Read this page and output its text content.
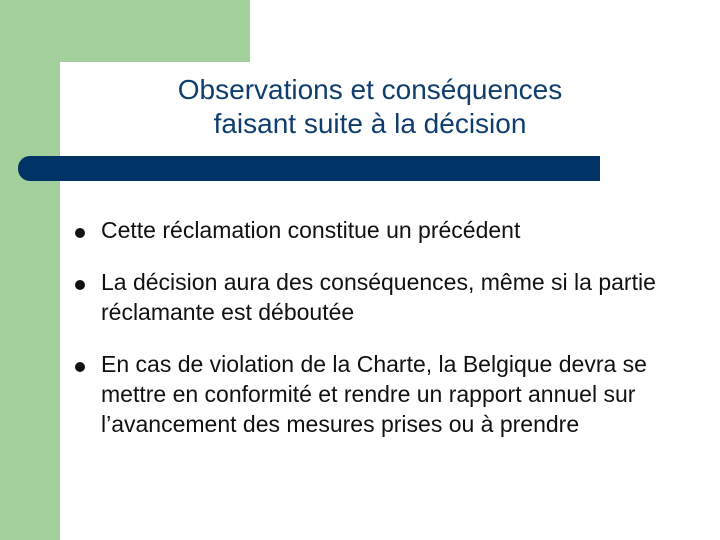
Observations et conséquences
faisant suite à la décision
Cette réclamation constitue un précédent
La décision aura des conséquences, même si la partie réclamante est déboutée
En cas de violation de la Charte, la Belgique devra se mettre en conformité et rendre un rapport annuel sur l’avancement des mesures prises ou à prendre
